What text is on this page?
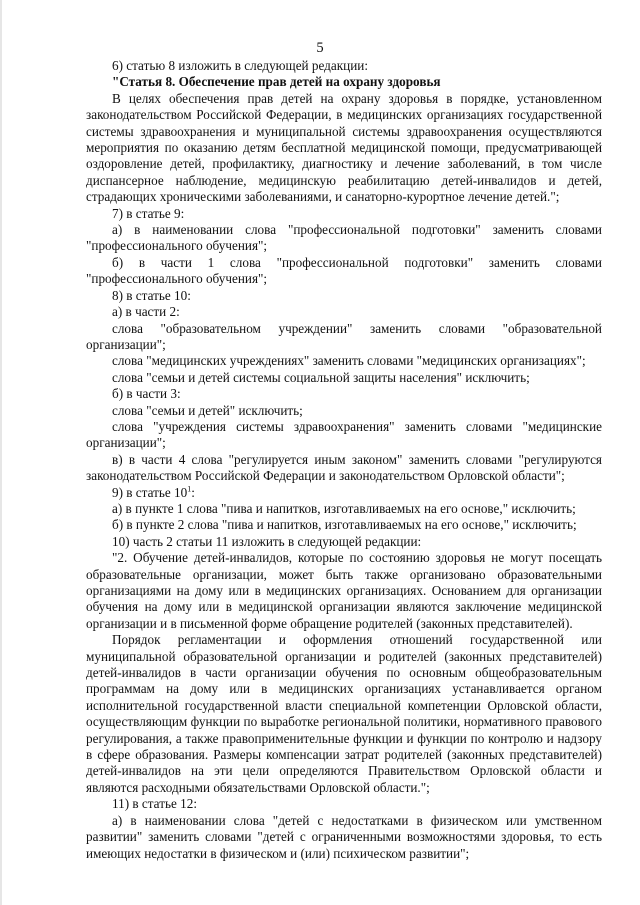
5

6) статью 8 изложить в следующей редакции:

"Статья 8. Обеспечение прав детей на охрану здоровья

В целях обеспечения прав детей на охрану здоровья в порядке, установленном законодательством Российской Федерации, в медицинских организациях государственной системы здравоохранения и муниципальной системы здравоохранения осуществляются мероприятия по оказанию детям бесплатной медицинской помощи, предусматривающей оздоровление детей, профилактику, диагностику и лечение заболеваний, в том числе диспансерное наблюдение, медицинскую реабилитацию детей-инвалидов и детей, страдающих хроническими заболеваниями, и санаторно-курортное лечение детей.";

7) в статье 9:

а) в наименовании слова "профессиональной подготовки" заменить словами "профессионального обучения";

б) в части 1 слова "профессиональной подготовки" заменить словами "профессионального обучения";

8) в статье 10:

а) в части 2:

слова "образовательном учреждении" заменить словами "образовательной организации";

слова "медицинских учреждениях" заменить словами "медицинских организациях";

слова "семьи и детей системы социальной защиты населения" исключить;

б) в части 3:

слова "семьи и детей" исключить;

слова "учреждения системы здравоохранения" заменить словами "медицинские организации";

в) в части 4 слова "регулируется иным законом" заменить словами "регулируются законодательством Российской Федерации и законодательством Орловской области";

9) в статье $10^1$:

а) в пункте 1 слова "пива и напитков, изготавливаемых на его основе," исключить;

б) в пункте 2 слова "пива и напитков, изготавливаемых на его основе," исключить;

10) часть 2 статьи 11 изложить в следующей редакции:

"2. Обучение детей-инвалидов, которые по состоянию здоровья не могут посещать образовательные организации, может быть также организовано образовательными организациями на дому или в медицинских организациях. Основанием для организации обучения на дому или в медицинской организации являются заключение медицинской организации и в письменной форме обращение родителей (законных представителей).

Порядок регламентации и оформления отношений государственной или муниципальной образовательной организации и родителей (законных представителей) детей-инвалидов в части организации обучения по основным общеобразовательным программам на дому или в медицинских организациях устанавливается органом исполнительной государственной власти специальной компетенции Орловской области, осуществляющим функции по выработке региональной политики, нормативного правового регулирования, а также правоприменительные функции и функции по контролю и надзору в сфере образования. Размеры компенсации затрат родителей (законных представителей) детей-инвалидов на эти цели определяются Правительством Орловской области и являются расходными обязательствами Орловской области.";

11) в статье 12:

а) в наименовании слова "детей с недостатками в физическом или умственном развитии" заменить словами "детей с ограниченными возможностями здоровья, то есть имеющих недостатки в физическом и (или) психическом развитии";
